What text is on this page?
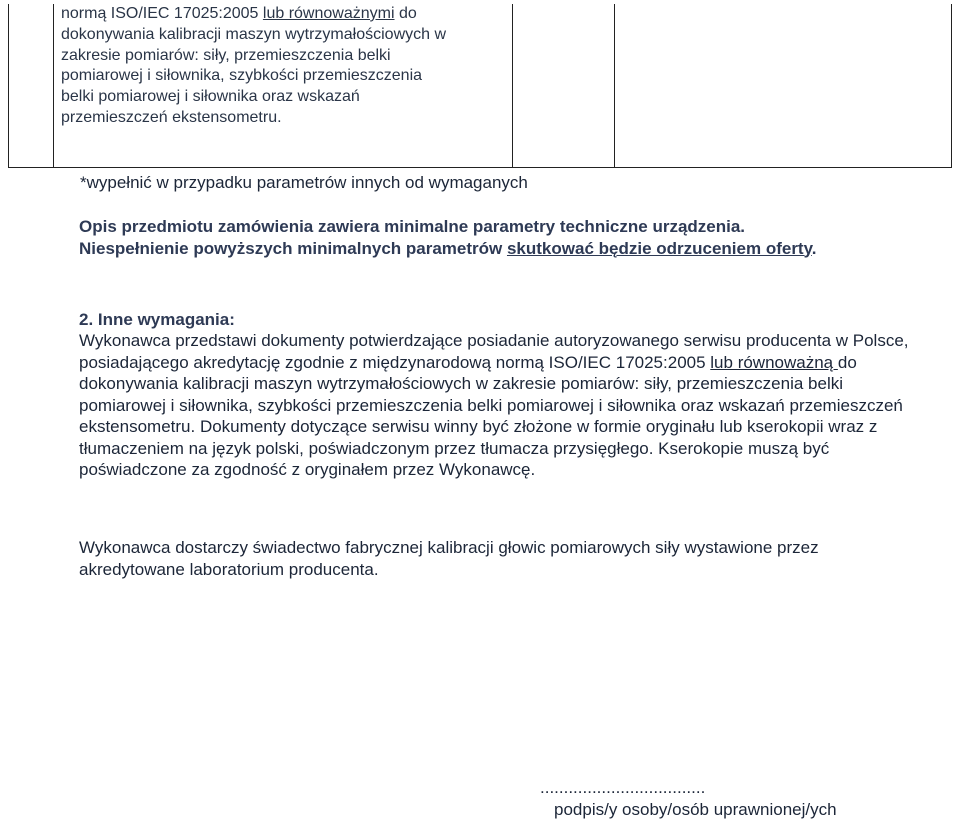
normą ISO/IEC 17025:2005 lub równoważnymi do
dokonywania kalibracji maszyn wytrzymałościowych w
zakresie pomiarów: siły, przemieszczenia belki
pomiarowej i siłownika, szybkości przemieszczenia
belki pomiarowej i siłownika oraz wskazań
przemieszczeń ekstensometru.
*wypełnić w przypadku parametrów innych od wymaganych
Opis przedmiotu zamówienia zawiera minimalne parametry techniczne urządzenia.
Niespełnienie powyższych minimalnych parametrów skutkować będzie odrzuceniem oferty.
2. Inne wymagania:
Wykonawca przedstawi dokumenty potwierdzające posiadanie autoryzowanego serwisu producenta w Polsce, posiadającego akredytację zgodnie z międzynarodową normą ISO/IEC 17025:2005 lub równoważną do dokonywania kalibracji maszyn wytrzymałościowych w zakresie pomiarów: siły, przemieszczenia belki pomiarowej i siłownika, szybkości przemieszczenia belki pomiarowej i siłownika oraz wskazań przemieszczeń ekstensometru. Dokumenty dotyczące serwisu winny być złożone w formie oryginału lub kserokopii wraz z tłumaczeniem na język polski, poświadczonym przez tłumacza przysięgłego. Kserokopie muszą być poświadczone za zgodność z oryginałem przez Wykonawcę.
Wykonawca dostarczy świadectwo fabrycznej kalibracji głowic pomiarowych siły wystawione przez akredytowane laboratorium producenta.
...................................
podpis/y osoby/osób uprawnionej/ych
